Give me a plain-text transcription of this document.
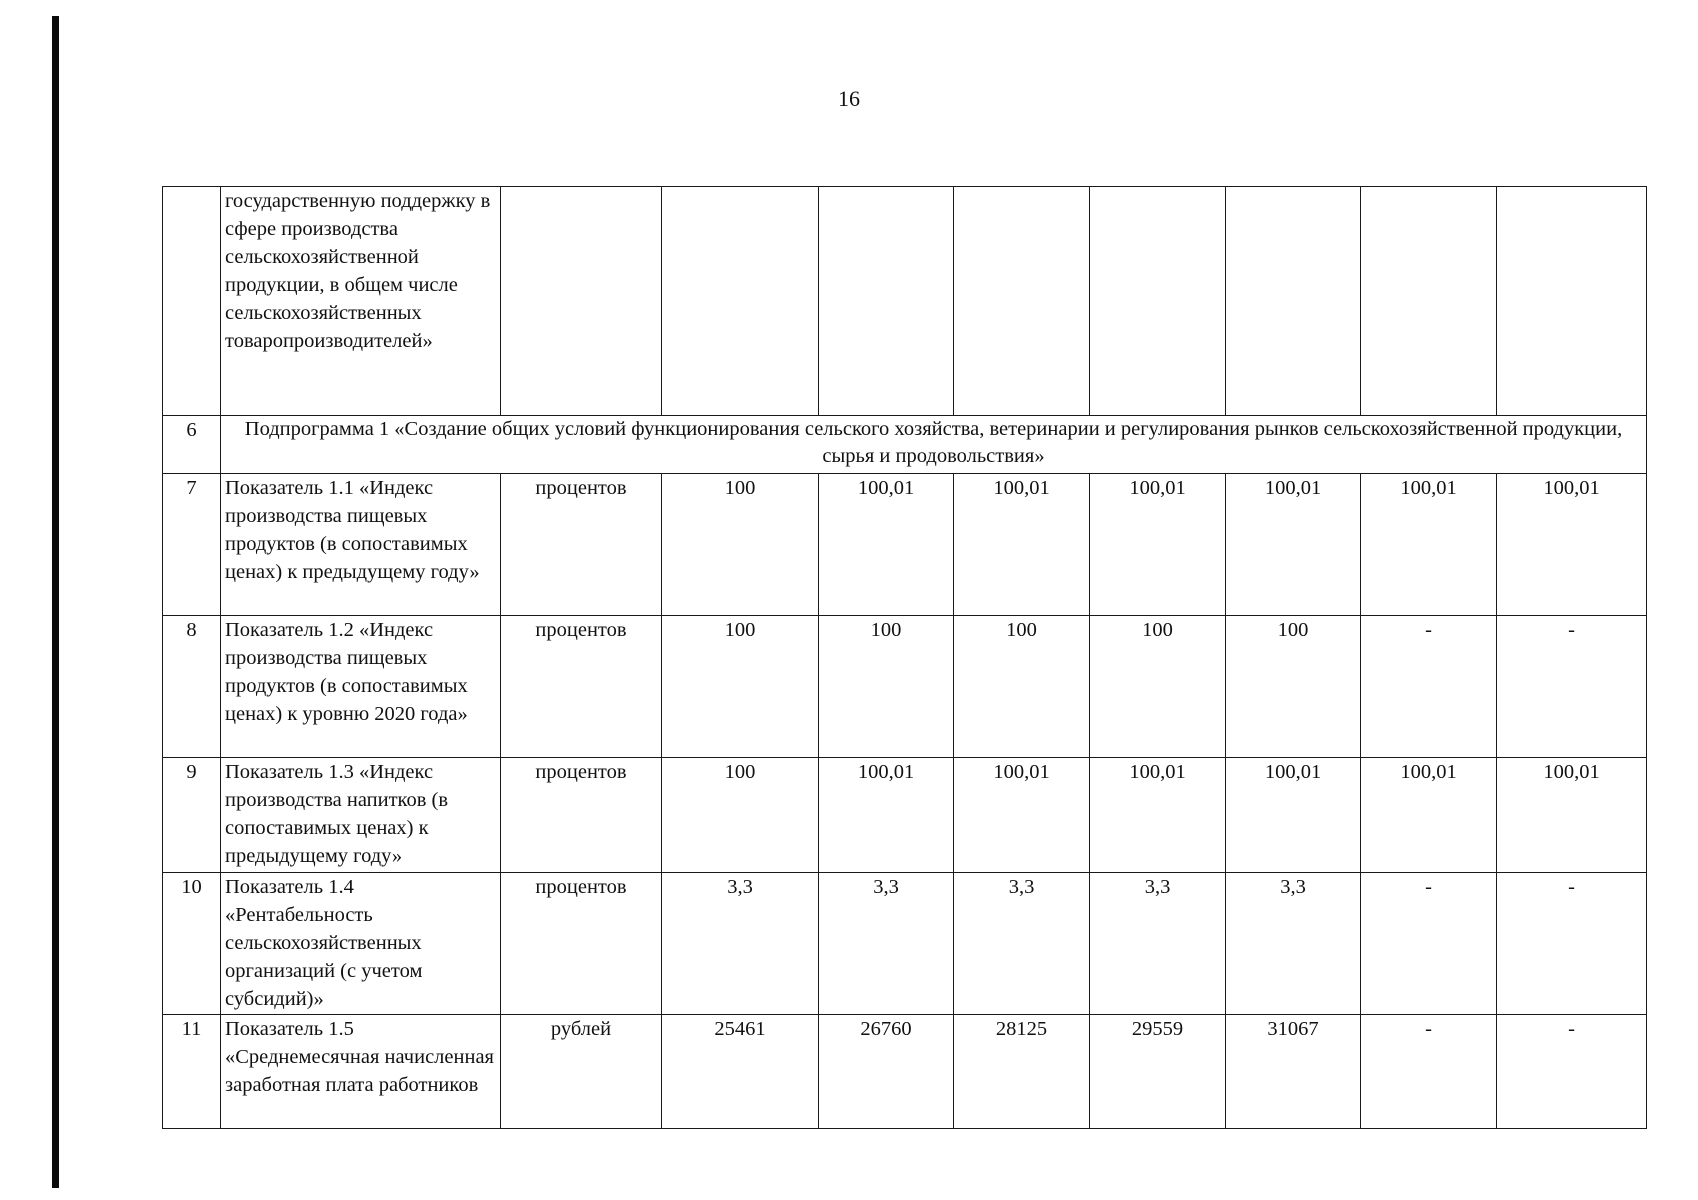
16
	государственную поддержку в сфере производства сельскохозяйственной продукции, в общем числе сельскохозяйственных товаропроизводителей»								
6	Подпрограмма 1 «Создание общих условий функционирования сельского хозяйства, ветеринарии и регулирования рынков сельскохозяйственной продукции, сырья и продовольствия»								
7	Показатель 1.1 «Индекс производства пищевых продуктов (в сопоставимых ценах) к предыдущему году»	процентов	100	100,01	100,01	100,01	100,01	100,01	100,01
8	Показатель 1.2 «Индекс производства пищевых продуктов (в сопоставимых ценах) к уровню 2020 года»	процентов	100	100	100	100	100	-	-
9	Показатель 1.3 «Индекс производства напитков (в сопоставимых ценах) к предыдущему году»	процентов	100	100,01	100,01	100,01	100,01	100,01	100,01
10	Показатель 1.4 «Рентабельность сельскохозяйственных организаций (с учетом субсидий)»	процентов	3,3	3,3	3,3	3,3	3,3	-	-
11	Показатель 1.5 «Среднемесячная начисленная заработная плата работников	рублей	25461	26760	28125	29559	31067	-	-
